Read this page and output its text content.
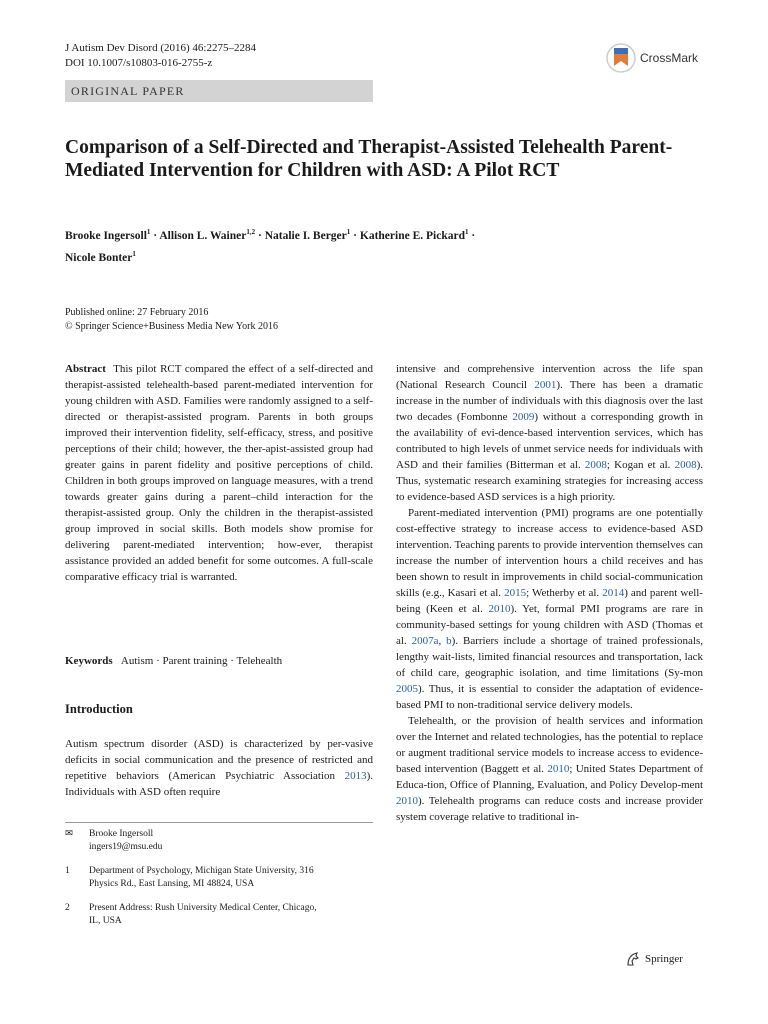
J Autism Dev Disord (2016) 46:2275–2284
DOI 10.1007/s10803-016-2755-z	CrossMark
ORIGINAL PAPER
Comparison of a Self-Directed and Therapist-Assisted Telehealth Parent-Mediated Intervention for Children with ASD: A Pilot RCT
Brooke Ingersoll$^1$ · Allison L. Wainer$^{1,2}$ · Natalie I. Berger$^1$ · Katherine E. Pickard$^1$ ·
Nicole Bonter$^1$
Published online: 27 February 2016
© Springer Science+Business Media New York 2016

Abstract This pilot RCT compared the effect of a self-directed and therapist-assisted telehealth-based parent-mediated intervention for young children with ASD. Families were randomly assigned to a self-directed or therapist-assisted program. Parents in both groups improved their intervention fidelity, self-efficacy, stress, and positive perceptions of their child; however, the ther-apist-assisted group had greater gains in parent fidelity and positive perceptions of child. Children in both groups improved on language measures, with a trend towards greater gains during a parent–child interaction for the therapist-assisted group. Only the children in the therapist-assisted group improved in social skills. Both models show promise for delivering parent-mediated intervention; how-ever, therapist assistance provided an added benefit for some outcomes. A full-scale comparative efficacy trial is warranted.

Keywords Autism · Parent training · Telehealth

Introduction

Autism spectrum disorder (ASD) is characterized by per-vasive deficits in social communication and the presence of restricted and repetitive behaviors (American Psychiatric Association 2013). Individuals with ASD often require

✉	Brooke Ingersoll
ingers19@msu.edu
1	Department of Psychology, Michigan State University, 316
Physics Rd., East Lansing, MI 48824, USA
2	Present Address: Rush University Medical Center, Chicago,
IL, USA

intensive and comprehensive intervention across the life span (National Research Council 2001). There has been a dramatic increase in the number of individuals with this diagnosis over the last two decades (Fombonne 2009) without a corresponding growth in the availability of evi-dence-based intervention services, which has contributed to high levels of unmet service needs for individuals with ASD and their families (Bitterman et al. 2008; Kogan et al. 2008). Thus, systematic research examining strategies for increasing access to evidence-based ASD services is a high priority.

Parent-mediated intervention (PMI) programs are one potentially cost-effective strategy to increase access to evidence-based ASD intervention. Teaching parents to provide intervention themselves can increase the number of intervention hours a child receives and has been shown to result in improvements in child social-communication skills (e.g., Kasari et al. 2015; Wetherby et al. 2014) and parent well-being (Keen et al. 2010). Yet, formal PMI programs are rare in community-based settings for young children with ASD (Thomas et al. 2007a, b). Barriers include a shortage of trained professionals, lengthy wait-lists, limited financial resources and transportation, lack of child care, geographic isolation, and time limitations (Sy-mon 2005). Thus, it is essential to consider the adaptation of evidence-based PMI to non-traditional service delivery models.

Telehealth, or the provision of health services and information over the Internet and related technologies, has the potential to replace or augment traditional service models to increase access to evidence-based intervention (Baggett et al. 2010; United States Department of Educa-tion, Office of Planning, Evaluation, and Policy Develop-ment 2010). Telehealth programs can reduce costs and increase provider system coverage relative to traditional in-

Springer
